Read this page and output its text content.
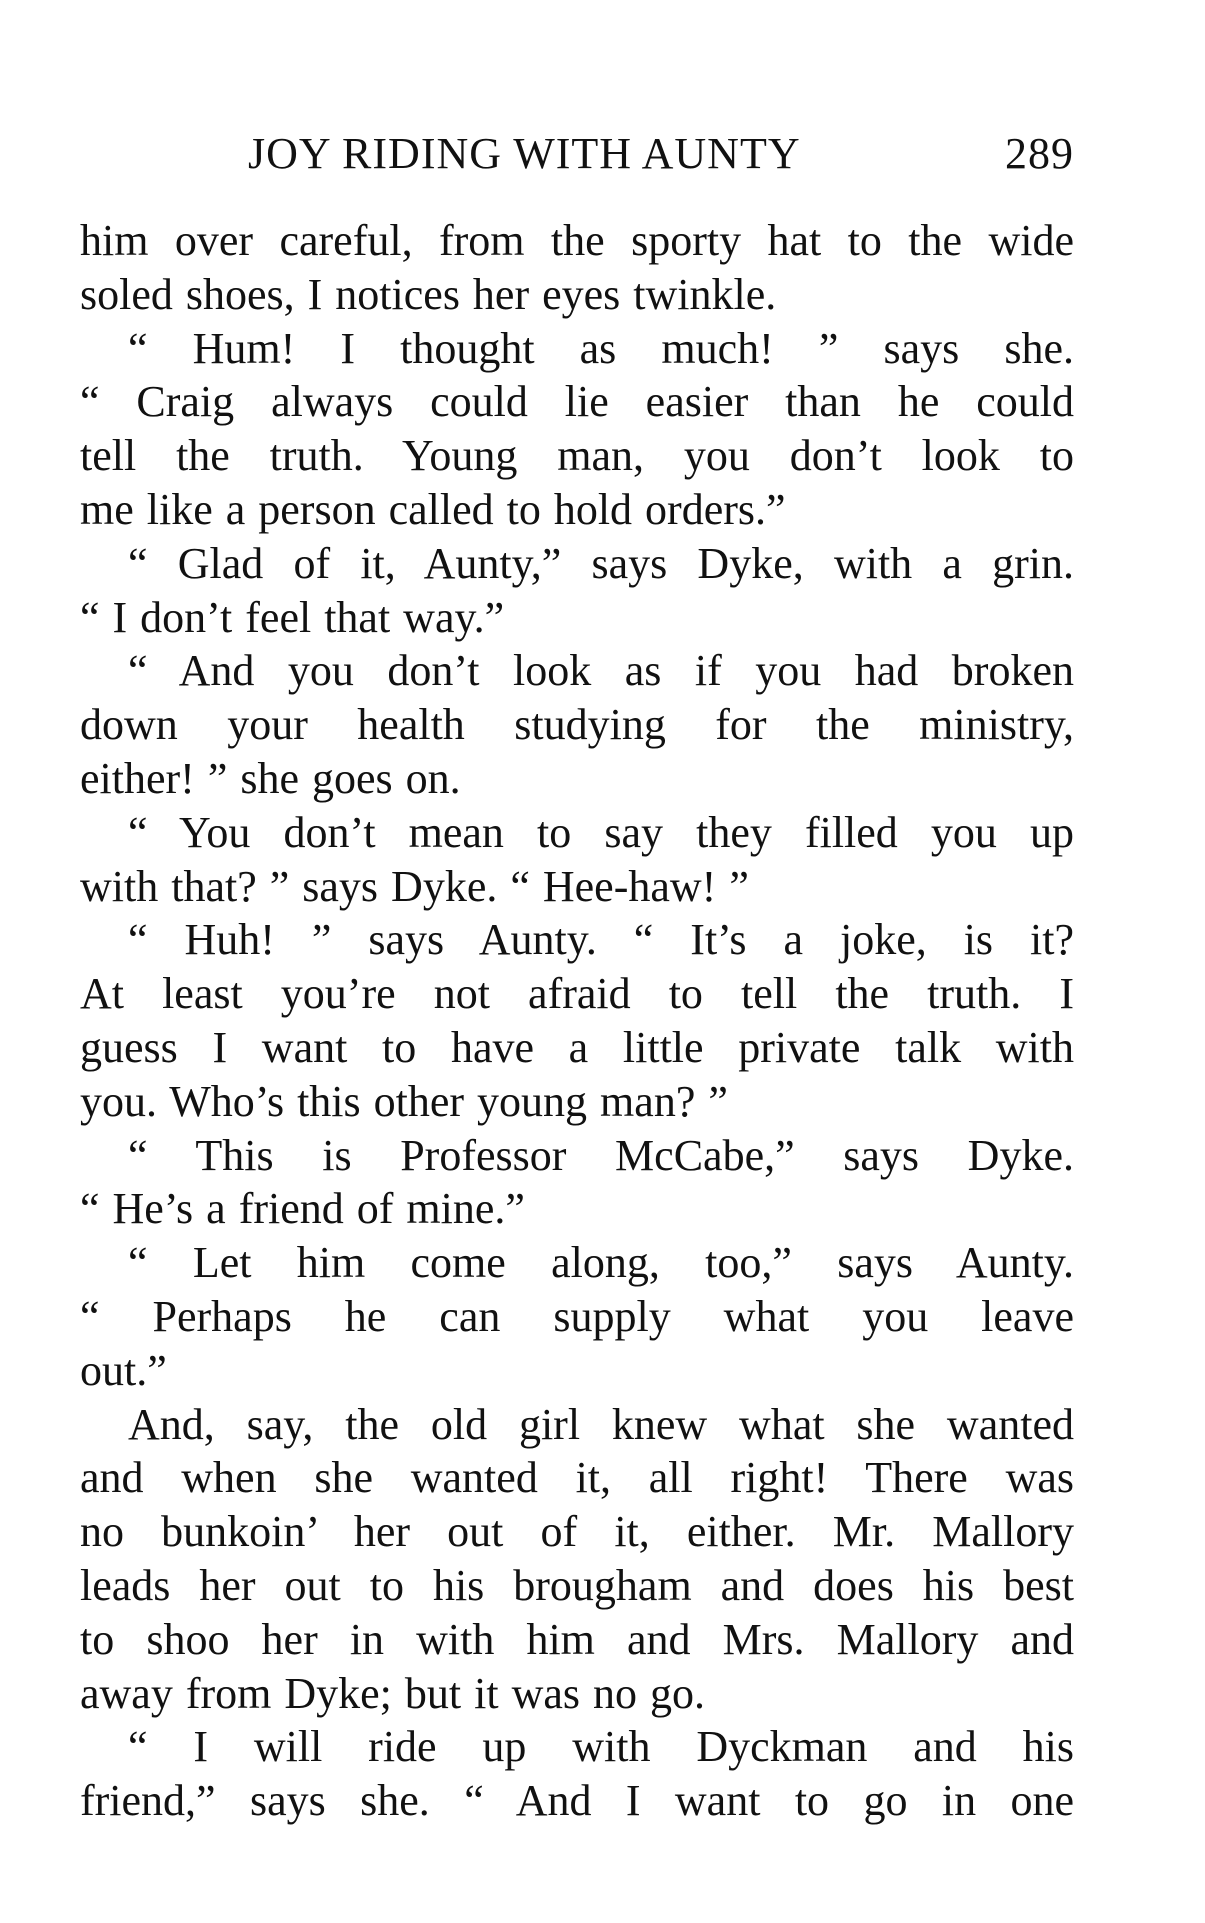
JOY RIDING WITH AUNTY	289
him over careful, from the sporty hat to the wide
soled shoes, I notices her eyes twinkle.
“ Hum! I thought as much! ” says she.
“ Craig always could lie easier than he could
tell the truth. Young man, you don’t look to
me like a person called to hold orders.”
“ Glad of it, Aunty,” says Dyke, with a grin.
“ I don’t feel that way.”
“ And you don’t look as if you had broken
down your health studying for the ministry,
either! ” she goes on.
“ You don’t mean to say they filled you up
with that? ” says Dyke. “ Hee-haw! ”
“ Huh! ” says Aunty. “ It’s a joke, is it?
At least you’re not afraid to tell the truth. I
guess I want to have a little private talk with
you. Who’s this other young man? ”
“ This is Professor McCabe,” says Dyke.
“ He’s a friend of mine.”
“ Let him come along, too,” says Aunty.
“ Perhaps he can supply what you leave
out.”
And, say, the old girl knew what she wanted
and when she wanted it, all right! There was
no bunkoin’ her out of it, either. Mr. Mallory
leads her out to his brougham and does his best
to shoo her in with him and Mrs. Mallory and
away from Dyke; but it was no go.
“ I will ride up with Dyckman and his
friend,” says she. “ And I want to go in one
